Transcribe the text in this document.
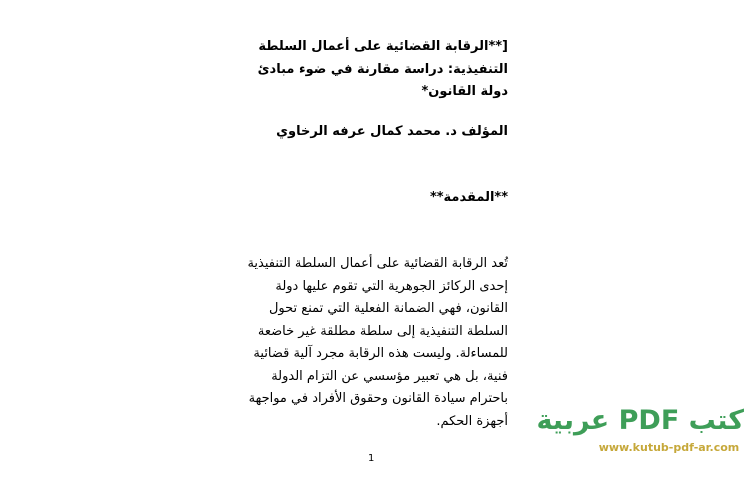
[**الرقابة القضائية على أعمال السلطة التنفيذية: دراسة مقارنة في ضوء مبادئ دولة القانون*
المؤلف د. محمد كمال عرفه الرخاوي
**المقدمة**
تُعد الرقابة القضائية على أعمال السلطة التنفيذية إحدى الركائز الجوهرية التي تقوم عليها دولة القانون، فهي الضمانة الفعلية التي تمنع تحول السلطة التنفيذية إلى سلطة مطلقة غير خاضعة للمساءلة. وليست هذه الرقابة مجرد آلية قضائية فنية، بل هي تعبير مؤسسي عن التزام الدولة باحترام سيادة القانون وحقوق الأفراد في مواجهة أجهزة الحكم.
1
كتب PDF عربية
www.kutub-pdf-ar.com
